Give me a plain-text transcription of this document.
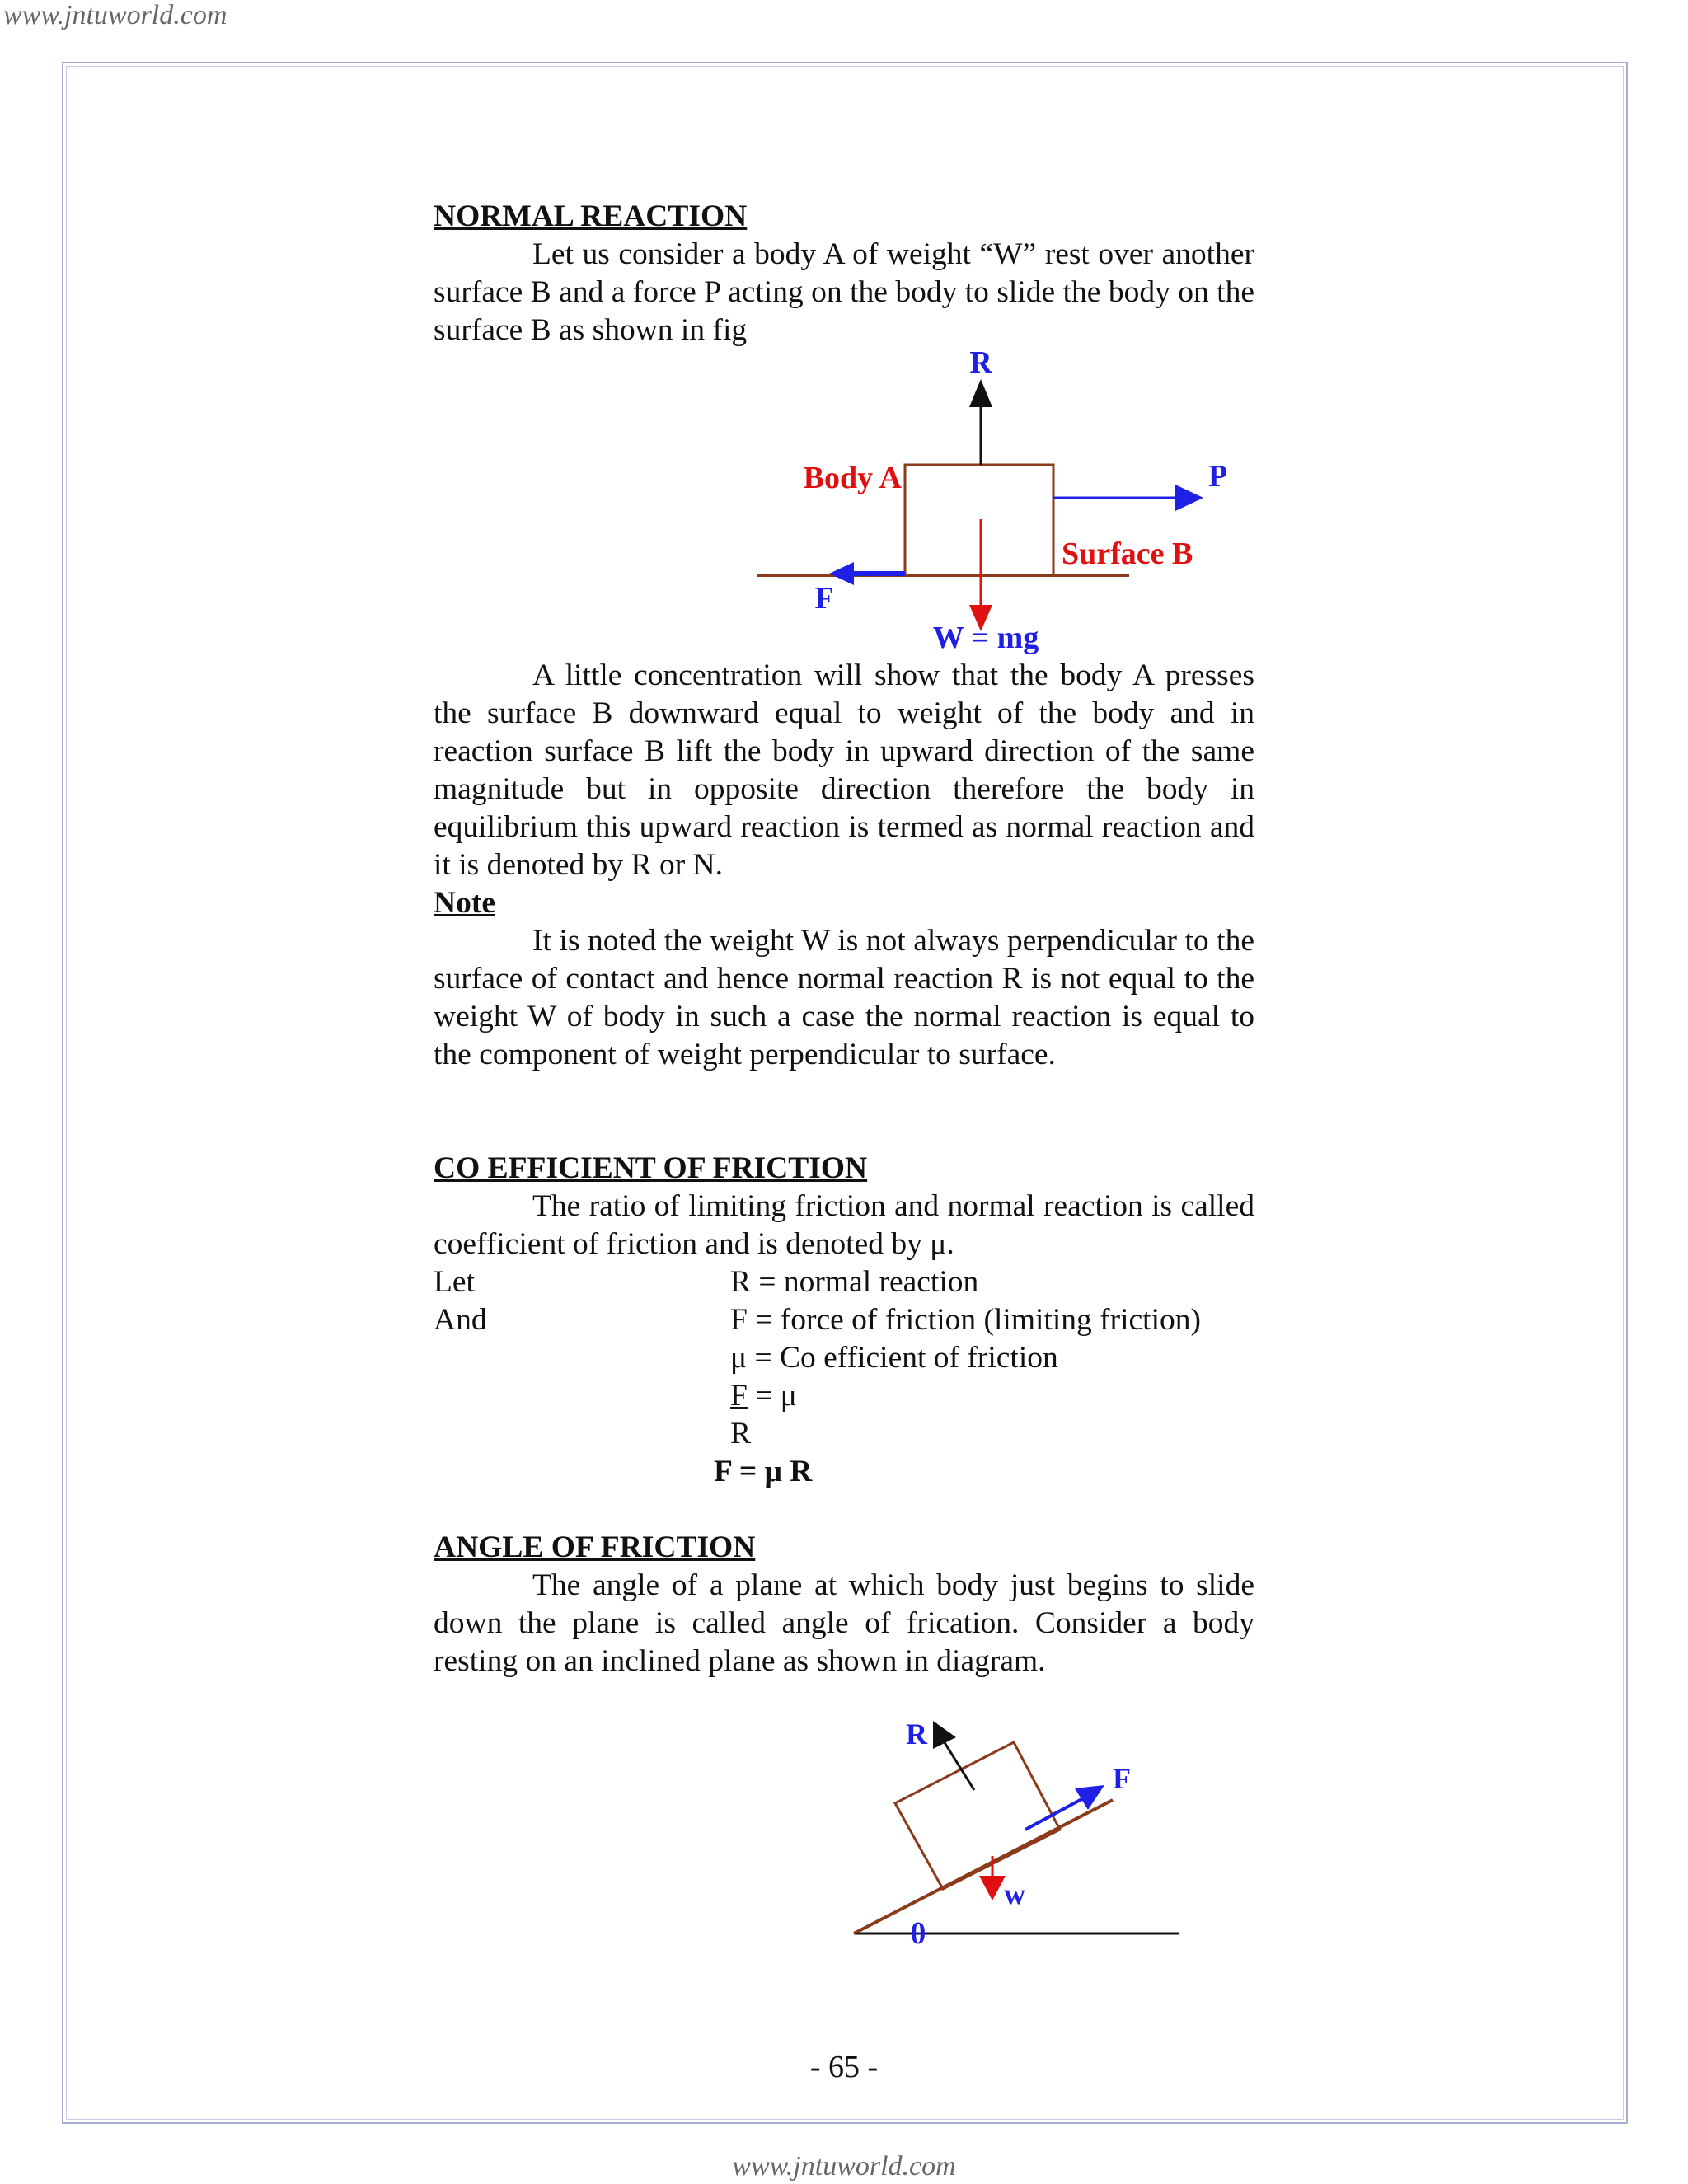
www.jntuworld.com
NORMAL REACTION
Let us consider a body A of weight “W” rest over another surface B and a force P acting on the body to slide the body on the surface B as shown in fig
R
P
Body A
Surface B
F
W = mg
A little concentration will show that the body A presses the surface B downward equal to weight of the body and in reaction surface B lift the body in upward direction of the same magnitude but in opposite direction therefore the body in equilibrium this upward reaction is termed as normal reaction and it is denoted by R or N.
Note
It is noted the weight W is not always perpendicular to the surface of contact and hence normal reaction R is not equal to the weight W of body in such a case the normal reaction is equal to the component of weight perpendicular to surface.
CO EFFICIENT OF FRICTION
The ratio of limiting friction and normal reaction is called coefficient of friction and is denoted by μ.
Let	R = normal reaction
And	F = force of friction (limiting friction)
μ = Co efficient of friction
F = μ
R
F = μ R
ANGLE OF FRICTION
The angle of a plane at which body just begins to slide down the plane is called angle of frication. Consider a body resting on an inclined plane as shown in diagram.
R
F
w
θ
- 65 -
www.jntuworld.com
